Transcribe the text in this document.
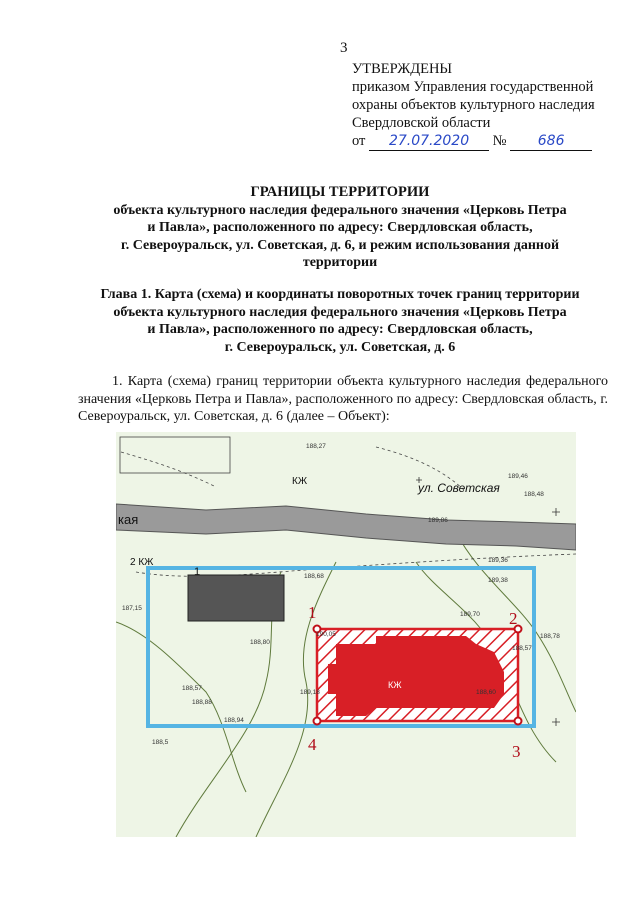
3
УТВЕРЖДЕНЫ
приказом Управления государственной
охраны объектов культурного наследия
Свердловской области
от 27.07.2020 № 686
ГРАНИЦЫ ТЕРРИТОРИИ
объекта культурного наследия федерального значения «Церковь Петра
и Павла», расположенного по адресу: Свердловская область,
г. Североуральск, ул. Советская, д. 6, и режим использования данной
территории
Глава 1. Карта (схема) и координаты поворотных точек границ территории
объекта культурного наследия федерального значения «Церковь Петра
и Павла», расположенного по адресу: Свердловская область,
г. Североуральск, ул. Советская, д. 6
1. Карта (схема) границ территории объекта культурного наследия федерального значения «Церковь Петра и Павла», расположенного по адресу: Свердловская область, г. Североуральск, ул. Советская, д. 6 (далее – Объект):
кая
ул. Советская
КЖ
2 КЖ
1
КЖ
1	2
3
4
189,36
188,68
189,46
189,86
188,48
189,38
188,57
188,80
189,70
188,78
187,15
188,57
188,88
189,18
188,27
190,05
188,94
188,60
188,5
